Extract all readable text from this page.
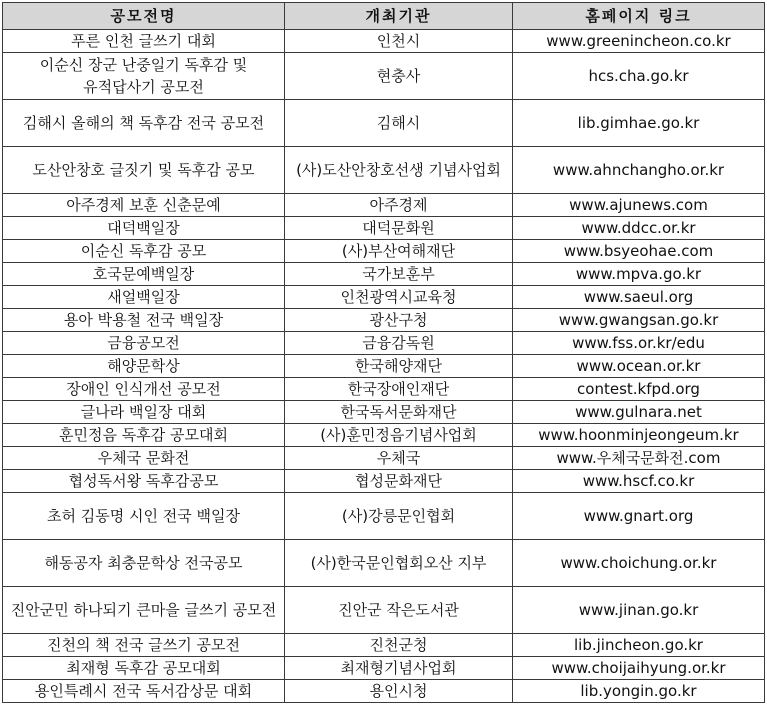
공모전명	개최기관	홈페이지 링크
푸른 인천 글쓰기 대회	인천시	www.greenincheon.co.kr
이순신 장군 난중일기 독후감 및 유적답사기 공모전	현충사	hcs.cha.go.kr
김해시 올해의 책 독후감 전국 공모전	김해시	lib.gimhae.go.kr
도산안창호 글짓기 및 독후감 공모	(사)도산안창호선생 기념사업회	www.ahnchangho.or.kr
아주경제 보훈 신춘문예	아주경제	www.ajunews.com
대덕백일장	대덕문화원	www.ddcc.or.kr
이순신 독후감 공모	(사)부산여해재단	www.bsyeohae.com
호국문예백일장	국가보훈부	www.mpva.go.kr
새얼백일장	인천광역시교육청	www.saeul.org
용아 박용철 전국 백일장	광산구청	www.gwangsan.go.kr
금융공모전	금융감독원	www.fss.or.kr/edu
해양문학상	한국해양재단	www.ocean.or.kr
장애인 인식개선 공모전	한국장애인재단	contest.kfpd.org
글나라 백일장 대회	한국독서문화재단	www.gulnara.net
훈민정음 독후감 공모대회	(사)훈민정음기념사업회	www.hoonminjeongeum.kr
우체국 문화전	우체국	www.우체국문화전.com
협성독서왕 독후감공모	협성문화재단	www.hscf.co.kr
초허 김동명 시인 전국 백일장	(사)강릉문인협회	www.gnart.org
해동공자 최충문학상 전국공모	(사)한국문인협회오산 지부	www.choichung.or.kr
진안군민 하나되기 큰마을 글쓰기 공모전	진안군 작은도서관	www.jinan.go.kr
진천의 책 전국 글쓰기 공모전	진천군청	lib.jincheon.go.kr
최재형 독후감 공모대회	최재형기념사업회	www.choijaihyung.or.kr
용인특례시 전국 독서감상문 대회	용인시청	lib.yongin.go.kr
